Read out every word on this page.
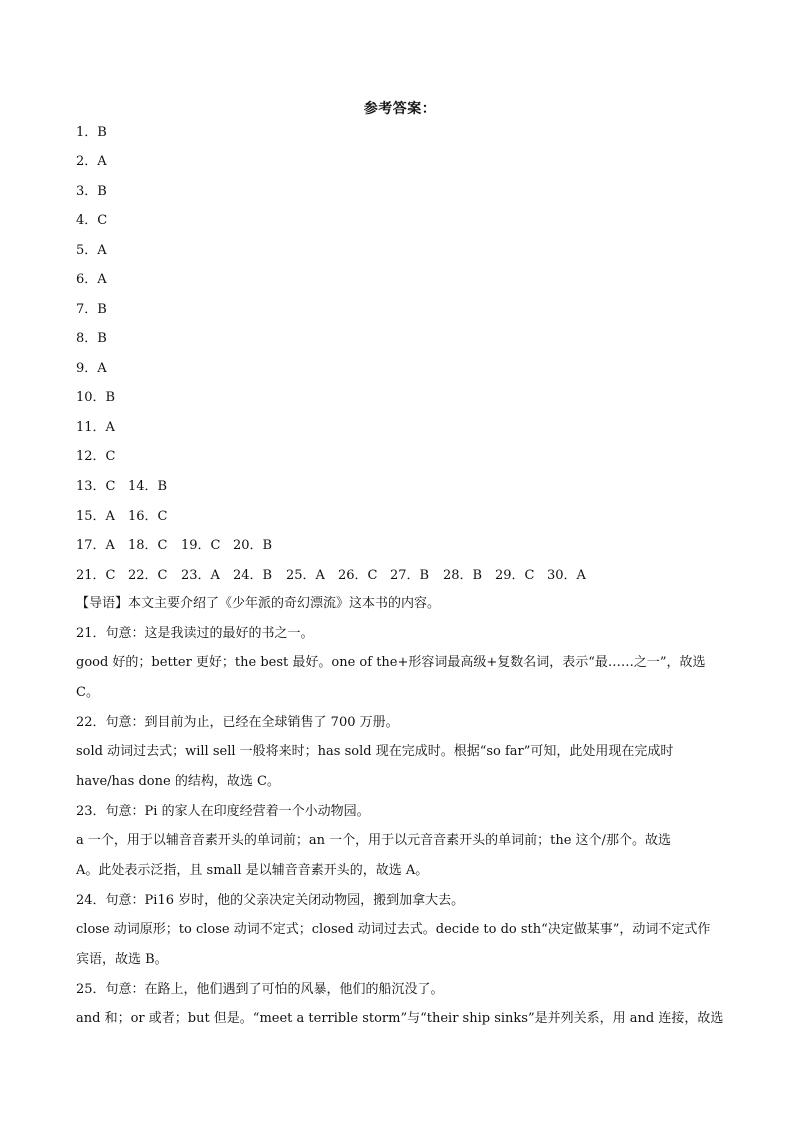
参考答案：
1．B
2．A
3．B
4．C
5．A
6．A
7．B
8．B
9．A
10．B
11．A
12．C
13．C 14．B
15．A 16．C
17．A 18．C 19．C 20．B
21．C 22．C 23．A 24．B 25．A 26．C 27．B 28．B 29．C 30．A
【导语】本文主要介绍了《少年派的奇幻漂流》这本书的内容。
21．句意：这是我读过的最好的书之一。
good 好的；better 更好；the best 最好。one of the+形容词最高级+复数名词，表示“最……之一”，故选
C。
22．句意：到目前为止，已经在全球销售了 700 万册。
sold 动词过去式；will sell 一般将来时；has sold 现在完成时。根据“so far”可知，此处用现在完成时
have/has done 的结构，故选 C。
23．句意：Pi 的家人在印度经营着一个小动物园。
a 一个，用于以辅音音素开头的单词前；an 一个，用于以元音音素开头的单词前；the 这个/那个。故选
A。此处表示泛指，且 small 是以辅音音素开头的，故选 A。
24．句意：Pi16 岁时，他的父亲决定关闭动物园，搬到加拿大去。
close 动词原形；to close 动词不定式；closed 动词过去式。decide to do sth“决定做某事”，动词不定式作
宾语，故选 B。
25．句意：在路上，他们遇到了可怕的风暴，他们的船沉没了。
and 和；or 或者；but 但是。“meet a terrible storm”与“their ship sinks”是并列关系，用 and 连接，故选
